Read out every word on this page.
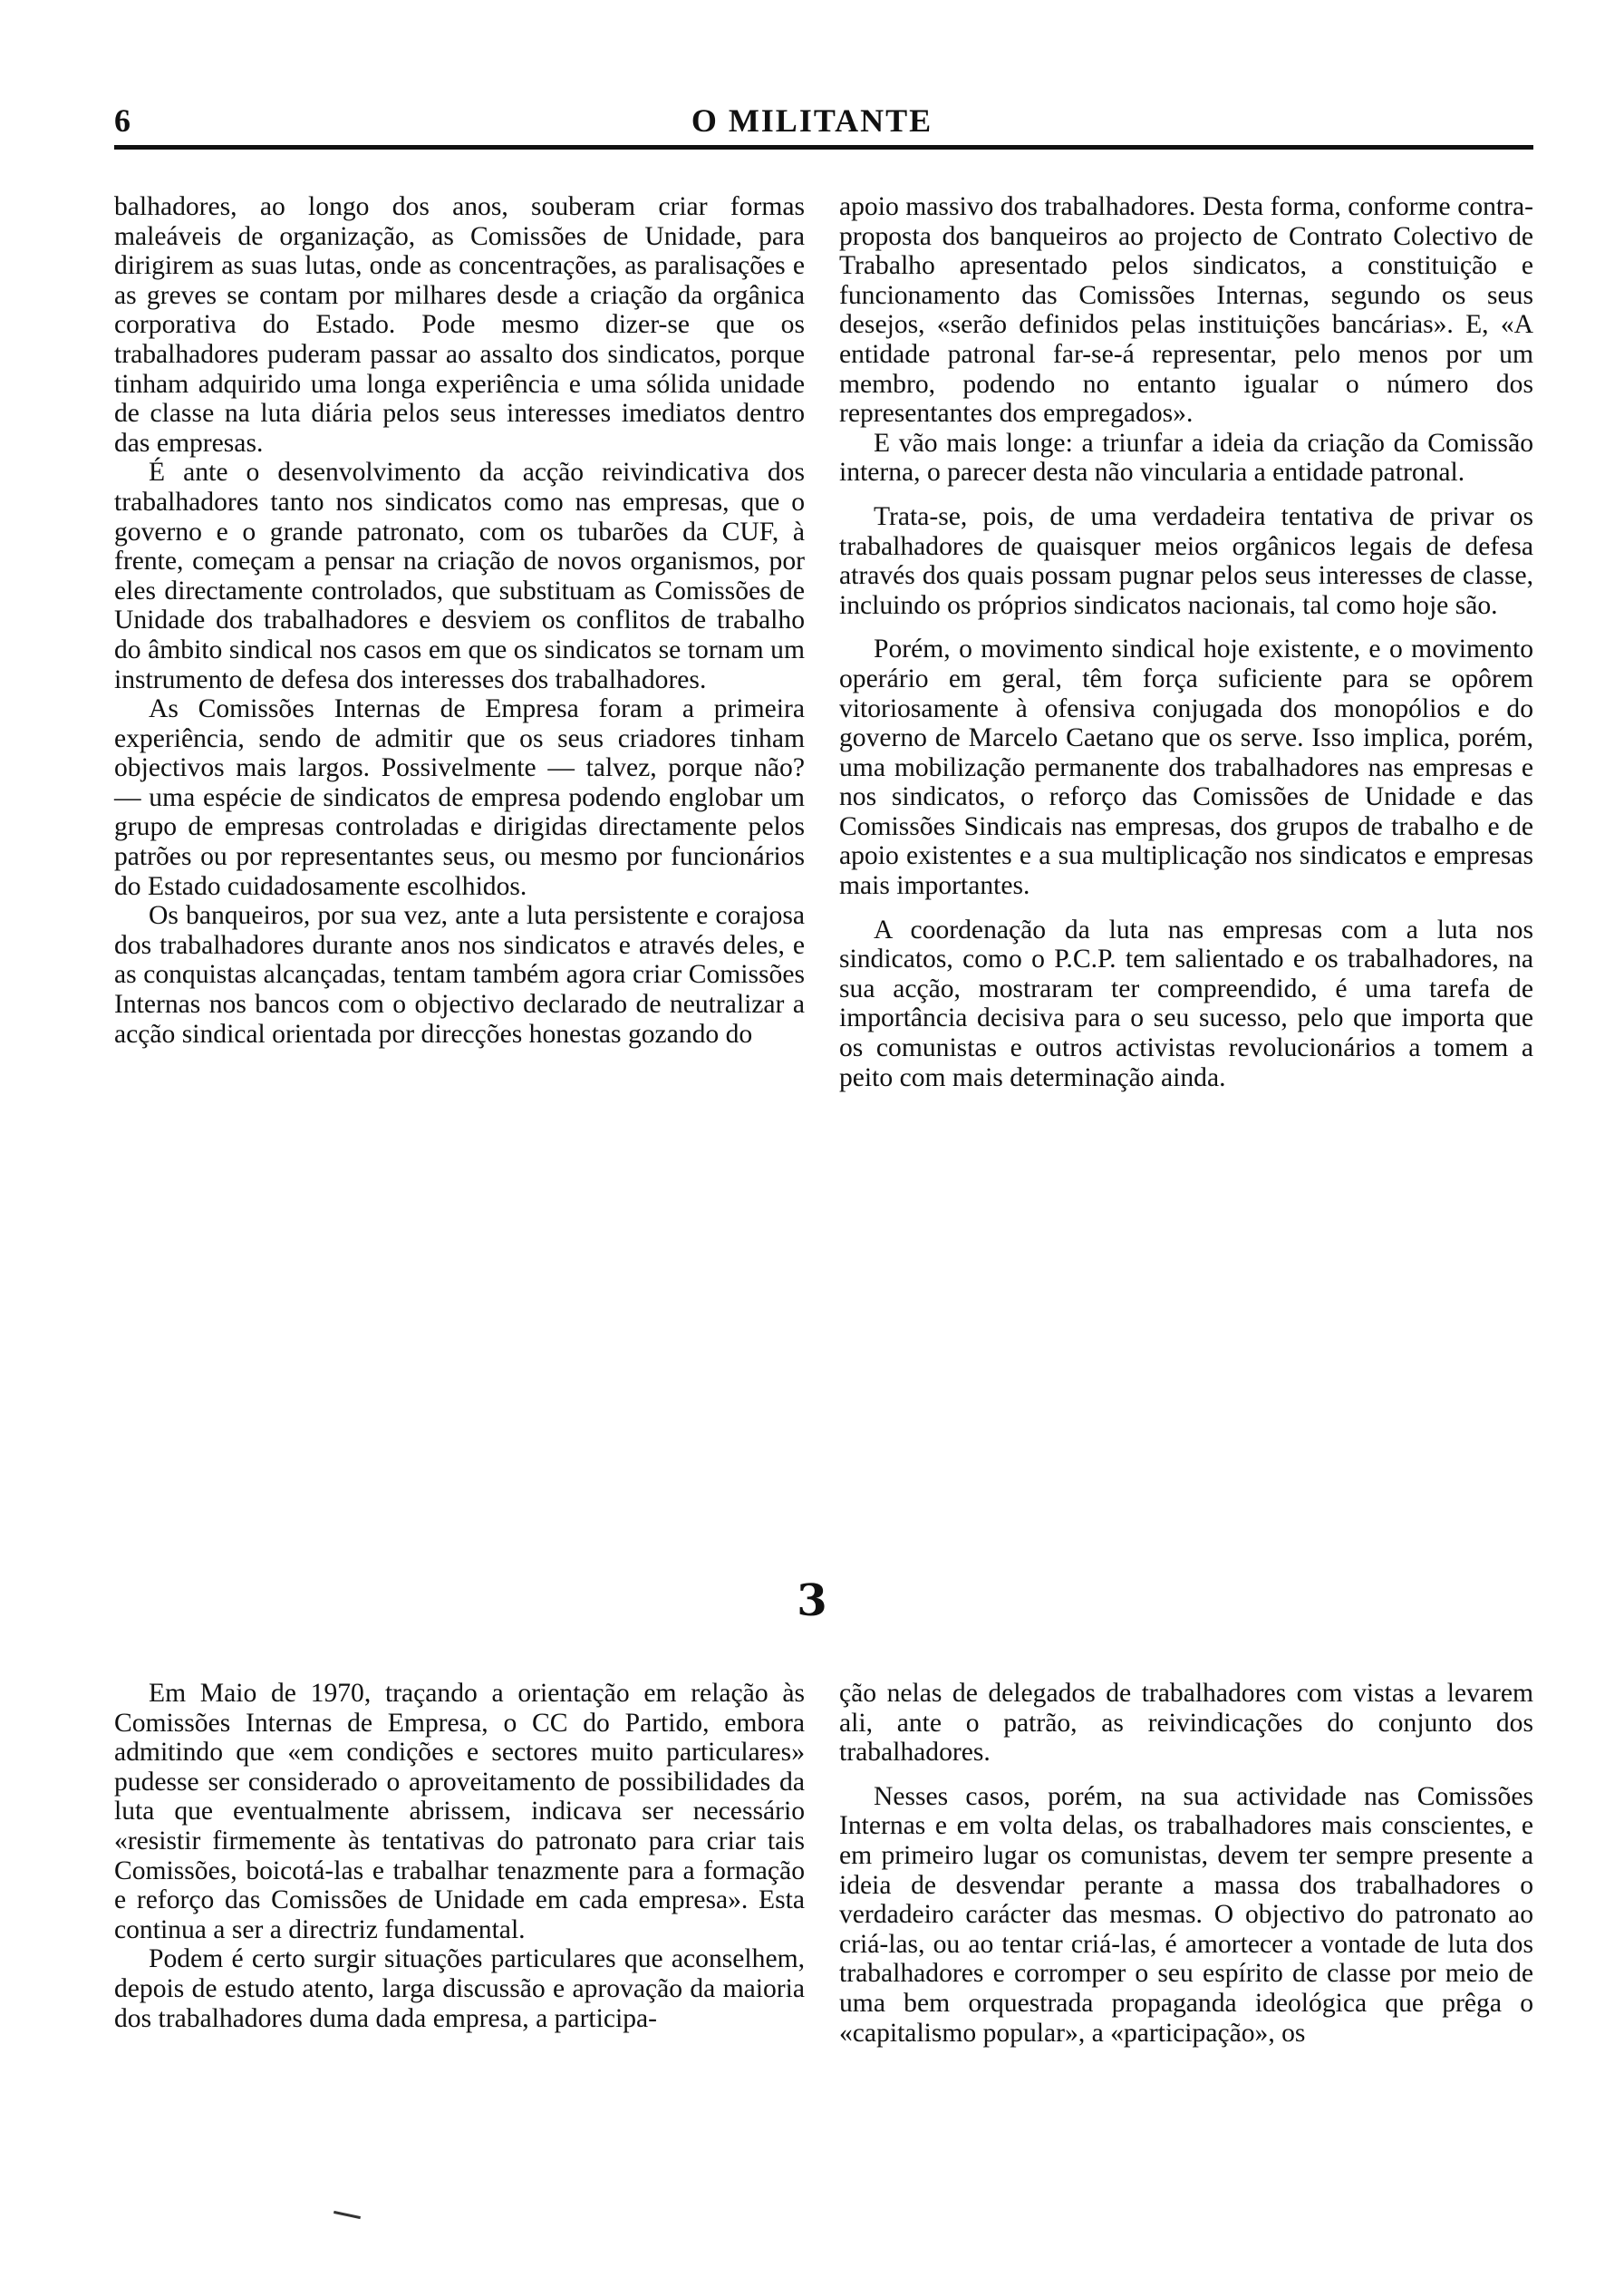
6	O MILITANTE

balhadores, ao longo dos anos, souberam criar formas maleáveis de organização, as Comissões de Unidade, para dirigirem as suas lutas, onde as concentrações, as paralisações e as greves se contam por milhares desde a criação da orgânica corporativa do Estado. Pode mesmo dizer-se que os trabalhadores puderam passar ao assalto dos sindicatos, porque tinham adquirido uma longa experiência e uma sólida unidade de classe na luta diária pelos seus interesses imediatos dentro das empresas.

É ante o desenvolvimento da acção reivindicativa dos trabalhadores tanto nos sindicatos como nas empresas, que o governo e o grande patronato, com os tubarões da CUF, à frente, começam a pensar na criação de novos organismos, por eles directamente controlados, que substituam as Comissões de Unidade dos trabalhadores e desviem os conflitos de trabalho do âmbito sindical nos casos em que os sindicatos se tornam um instrumento de defesa dos interesses dos trabalhadores.

As Comissões Internas de Empresa foram a primeira experiência, sendo de admitir que os seus criadores tinham objectivos mais largos. Possivelmente — talvez, porque não? — uma espécie de sindicatos de empresa podendo englobar um grupo de empresas controladas e dirigidas directamente pelos patrões ou por representantes seus, ou mesmo por funcionários do Estado cuidadosamente escolhidos.

Os banqueiros, por sua vez, ante a luta persistente e corajosa dos trabalhadores durante anos nos sindicatos e através deles, e as conquistas alcançadas, tentam também agora criar Comissões Internas nos bancos com o objectivo declarado de neutralizar a acção sindical orientada por direcções honestas gozando do

apoio massivo dos trabalhadores. Desta forma, conforme contra-proposta dos banqueiros ao projecto de Contrato Colectivo de Trabalho apresentado pelos sindicatos, a constituição e funcionamento das Comissões Internas, segundo os seus desejos, «serão definidos pelas instituições bancárias». E, «A entidade patronal far-se-á representar, pelo menos por um membro, podendo no entanto igualar o número dos representantes dos empregados».

E vão mais longe: a triunfar a ideia da criação da Comissão interna, o parecer desta não vincularia a entidade patronal.

Trata-se, pois, de uma verdadeira tentativa de privar os trabalhadores de quaisquer meios orgânicos legais de defesa através dos quais possam pugnar pelos seus interesses de classe, incluindo os próprios sindicatos nacionais, tal como hoje são.

Porém, o movimento sindical hoje existente, e o movimento operário em geral, têm força suficiente para se opôrem vitoriosamente à ofensiva conjugada dos monopólios e do governo de Marcelo Caetano que os serve. Isso implica, porém, uma mobilização permanente dos trabalhadores nas empresas e nos sindicatos, o reforço das Comissões de Unidade e das Comissões Sindicais nas empresas, dos grupos de trabalho e de apoio existentes e a sua multiplicação nos sindicatos e empresas mais importantes.

A coordenação da luta nas empresas com a luta nos sindicatos, como o P.C.P. tem salientado e os trabalhadores, na sua acção, mostraram ter compreendido, é uma tarefa de importância decisiva para o seu sucesso, pelo que importa que os comunistas e outros activistas revolucionários a tomem a peito com mais determinação ainda.

3

Em Maio de 1970, traçando a orientação em relação às Comissões Internas de Empresa, o CC do Partido, embora admitindo que «em condições e sectores muito particulares» pudesse ser considerado o aproveitamento de possibilidades da luta que eventualmente abrissem, indicava ser necessário «resistir firmemente às tentativas do patronato para criar tais Comissões, boicotá-las e trabalhar tenazmente para a formação e reforço das Comissões de Unidade em cada empresa». Esta continua a ser a directriz fundamental.

Podem é certo surgir situações particulares que aconselhem, depois de estudo atento, larga discussão e aprovação da maioria dos trabalhadores duma dada empresa, a participa-

ção nelas de delegados de trabalhadores com vistas a levarem ali, ante o patrão, as reivindicações do conjunto dos trabalhadores.

Nesses casos, porém, na sua actividade nas Comissões Internas e em volta delas, os trabalhadores mais conscientes, e em primeiro lugar os comunistas, devem ter sempre presente a ideia de desvendar perante a massa dos trabalhadores o verdadeiro carácter das mesmas. O objectivo do patronato ao criá-las, ou ao tentar criá-las, é amortecer a vontade de luta dos trabalhadores e corromper o seu espírito de classe por meio de uma bem orquestrada propaganda ideológica que prêga o «capitalismo popular», a «participação», os
